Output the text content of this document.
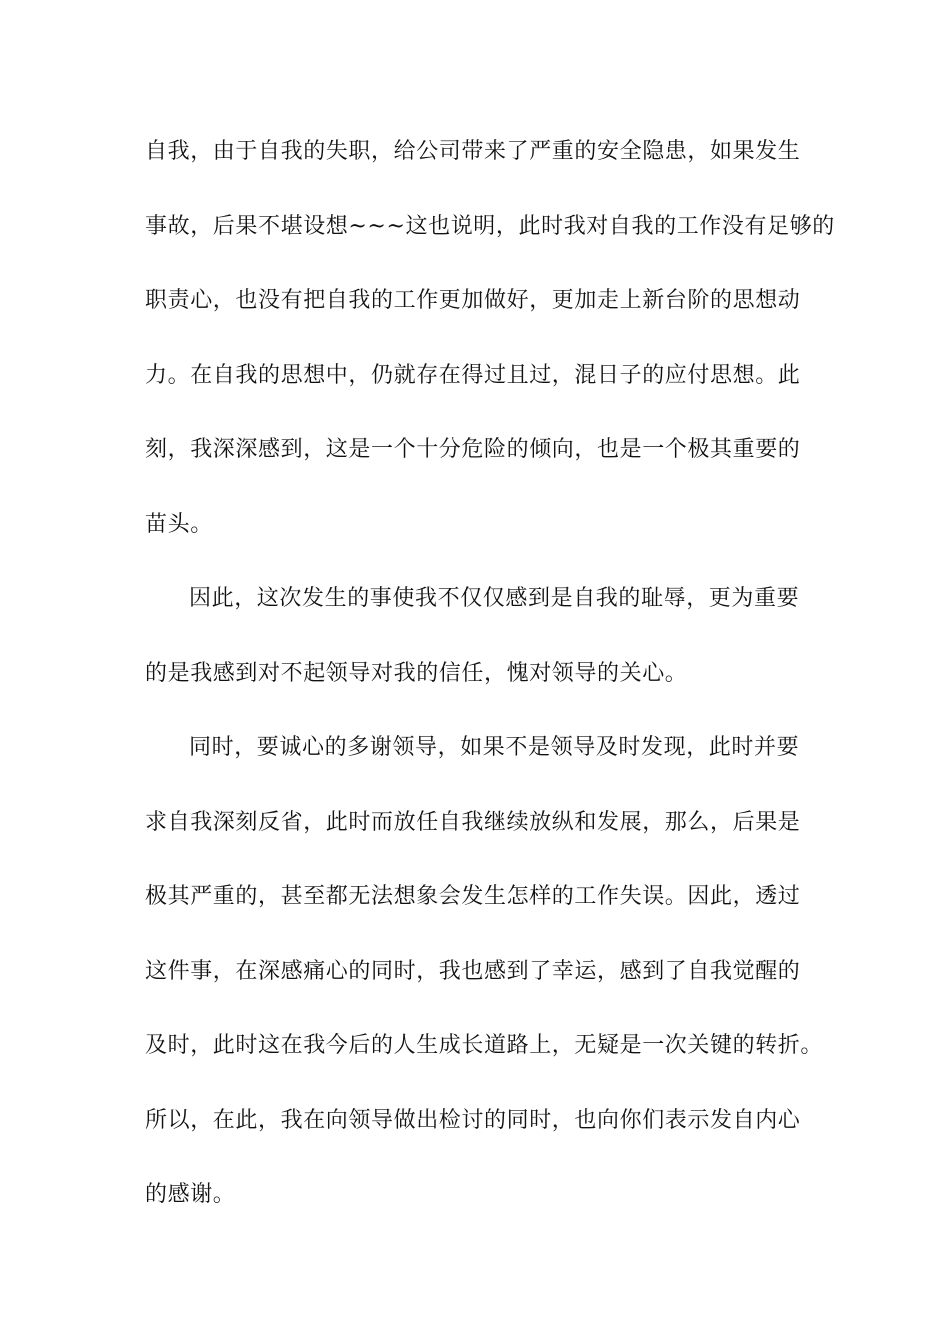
自我，由于自我的失职，给公司带来了严重的安全隐患，如果发生
事故，后果不堪设想~~~这也说明，此时我对自我的工作没有足够的
职责心，也没有把自我的工作更加做好，更加走上新台阶的思想动
力。在自我的思想中，仍就存在得过且过，混日子的应付思想。此
刻，我深深感到，这是一个十分危险的倾向，也是一个极其重要的
苗头。
因此，这次发生的事使我不仅仅感到是自我的耻辱，更为重要
的是我感到对不起领导对我的信任，愧对领导的关心。
同时，要诚心的多谢领导，如果不是领导及时发现，此时并要
求自我深刻反省，此时而放任自我继续放纵和发展，那么，后果是
极其严重的，甚至都无法想象会发生怎样的工作失误。因此，透过
这件事，在深感痛心的同时，我也感到了幸运，感到了自我觉醒的
及时，此时这在我今后的人生成长道路上，无疑是一次关键的转折。
所以，在此，我在向领导做出检讨的同时，也向你们表示发自内心
的感谢。
